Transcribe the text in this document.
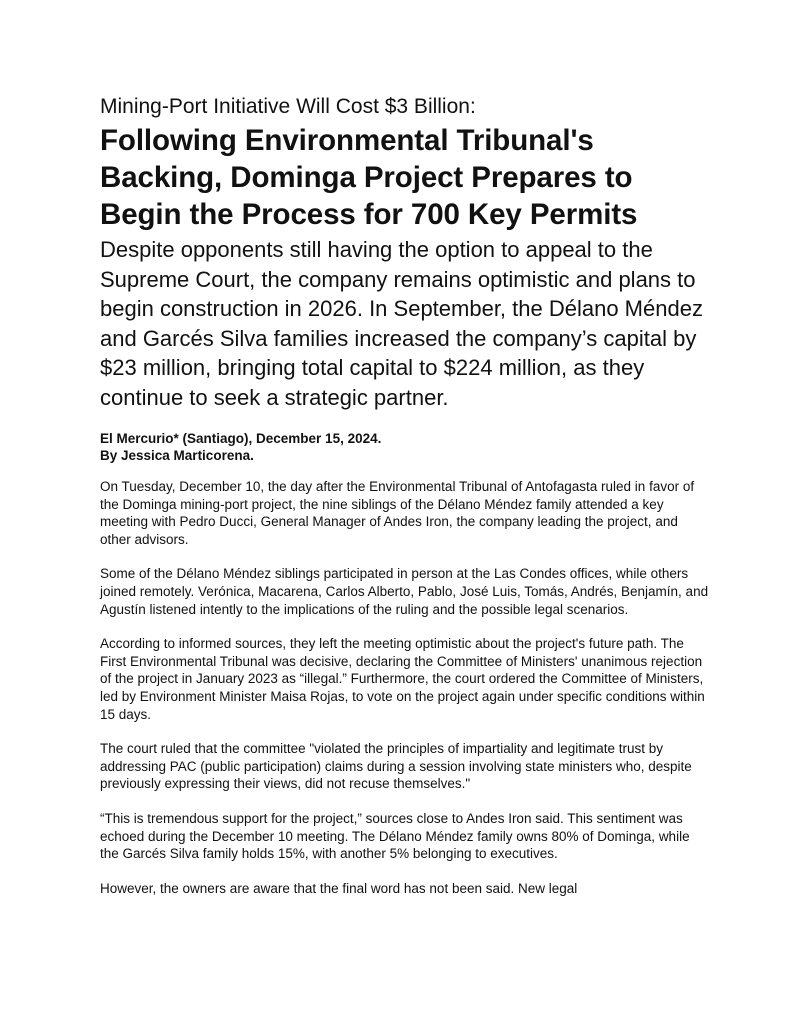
Mining-Port Initiative Will Cost $3 Billion:
Following Environmental Tribunal's Backing, Dominga Project Prepares to Begin the Process for 700 Key Permits
Despite opponents still having the option to appeal to the Supreme Court, the company remains optimistic and plans to begin construction in 2026. In September, the Délano Méndez and Garcés Silva families increased the company’s capital by $23 million, bringing total capital to $224 million, as they continue to seek a strategic partner.
El Mercurio* (Santiago), December 15, 2024.
By Jessica Marticorena.

On Tuesday, December 10, the day after the Environmental Tribunal of Antofagasta ruled in favor of the Dominga mining-port project, the nine siblings of the Délano Méndez family attended a key meeting with Pedro Ducci, General Manager of Andes Iron, the company leading the project, and other advisors.

Some of the Délano Méndez siblings participated in person at the Las Condes offices, while others joined remotely. Verónica, Macarena, Carlos Alberto, Pablo, José Luis, Tomás, Andrés, Benjamín, and Agustín listened intently to the implications of the ruling and the possible legal scenarios.

According to informed sources, they left the meeting optimistic about the project's future path. The First Environmental Tribunal was decisive, declaring the Committee of Ministers' unanimous rejection of the project in January 2023 as “illegal.” Furthermore, the court ordered the Committee of Ministers, led by Environment Minister Maisa Rojas, to vote on the project again under specific conditions within 15 days.

The court ruled that the committee "violated the principles of impartiality and legitimate trust by addressing PAC (public participation) claims during a session involving state ministers who, despite previously expressing their views, did not recuse themselves."

“This is tremendous support for the project,” sources close to Andes Iron said. This sentiment was echoed during the December 10 meeting. The Délano Méndez family owns 80% of Dominga, while the Garcés Silva family holds 15%, with another 5% belonging to executives.

However, the owners are aware that the final word has not been said. New legal
